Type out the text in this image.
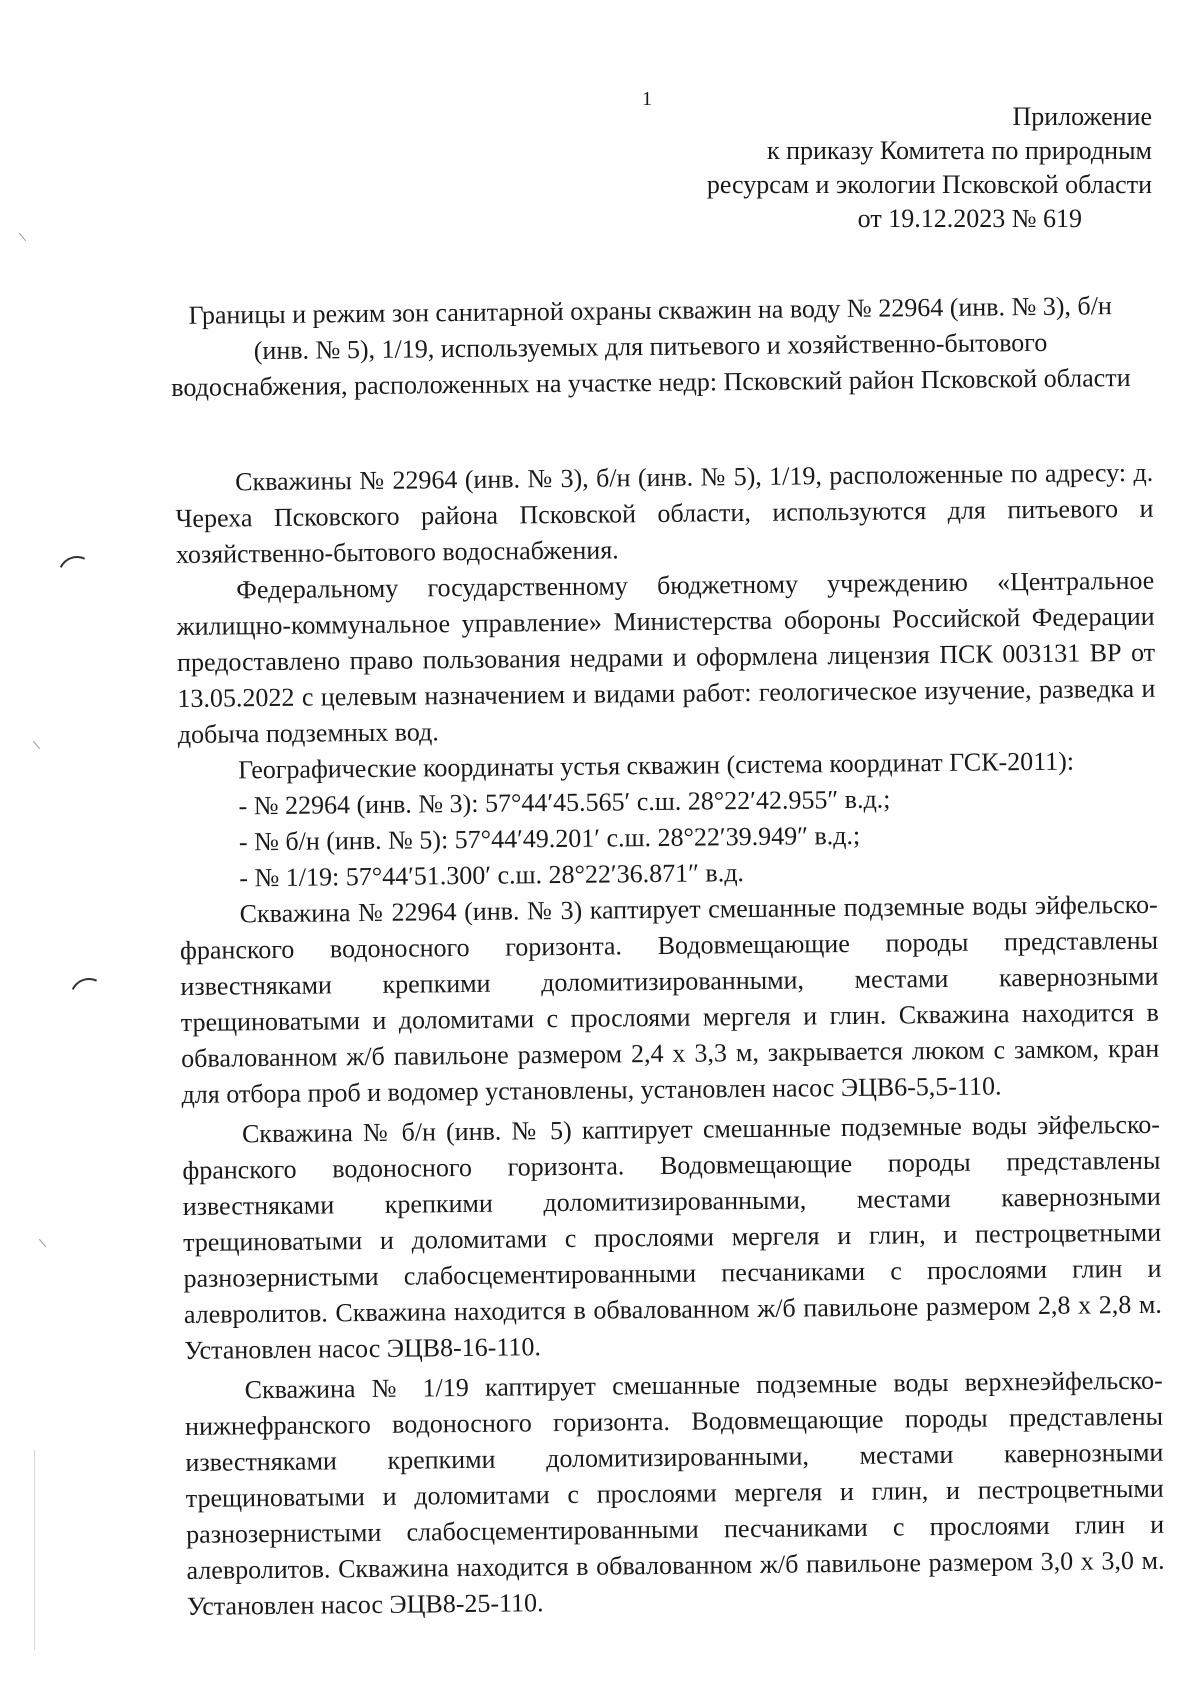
1
Приложение
к приказу Комитета по природным
ресурсам и экологии Псковской области
от 19.12.2023 № 619
Границы и режим зон санитарной охраны скважин на воду № 22964 (инв. № 3), б/н (инв. № 5), 1/19, используемых для питьевого и хозяйственно-бытового водоснабжения, расположенных на участке недр: Псковский район Псковской области

Скважины № 22964 (инв. № 3), б/н (инв. № 5), 1/19, расположенные по адресу: д. Череха Псковского района Псковской области, используются для питьевого и хозяйственно-бытового водоснабжения.

Федеральному государственному бюджетному учреждению «Центральное жилищно-коммунальное управление» Министерства обороны Российской Федерации предоставлено право пользования недрами и оформлена лицензия ПСК 003131 ВР от 13.05.2022 с целевым назначением и видами работ: геологическое изучение, разведка и добыча подземных вод.

Географические координаты устья скважин (система координат ГСК-2011):

- № 22964 (инв. № 3): 57°44′45.565′ с.ш. 28°22′42.955″ в.д.;
- № б/н (инв. № 5): 57°44′49.201′ с.ш. 28°22′39.949″ в.д.;
- № 1/19: 57°44′51.300′ с.ш. 28°22′36.871″ в.д.

Скважина № 22964 (инв. № 3) каптирует смешанные подземные воды эйфельско-франского водоносного горизонта. Водовмещающие породы представлены известняками крепкими доломитизированными, местами кавернозными трещиноватыми и доломитами с прослоями мергеля и глин. Скважина находится в обвалованном ж/б павильоне размером 2,4 х 3,3 м, закрывается люком с замком, кран для отбора проб и водомер установлены, установлен насос ЭЦВ6-5,5-110.

Скважина № б/н (инв. № 5) каптирует смешанные подземные воды эйфельско-франского водоносного горизонта. Водовмещающие породы представлены известняками крепкими доломитизированными, местами кавернозными трещиноватыми и доломитами с прослоями мергеля и глин, и пестроцветными разнозернистыми слабосцементированными песчаниками с прослоями глин и алевролитов. Скважина находится в обвалованном ж/б павильоне размером 2,8 х 2,8 м. Установлен насос ЭЦВ8-16-110.

Скважина № 1/19 каптирует смешанные подземные воды верхнеэйфельско-нижнефранского водоносного горизонта. Водовмещающие породы представлены известняками крепкими доломитизированными, местами кавернозными трещиноватыми и доломитами с прослоями мергеля и глин, и пестроцветными разнозернистыми слабосцементированными песчаниками с прослоями глин и алевролитов. Скважина находится в обвалованном ж/б павильоне размером 3,0 х 3,0 м. Установлен насос ЭЦВ8-25-110.
